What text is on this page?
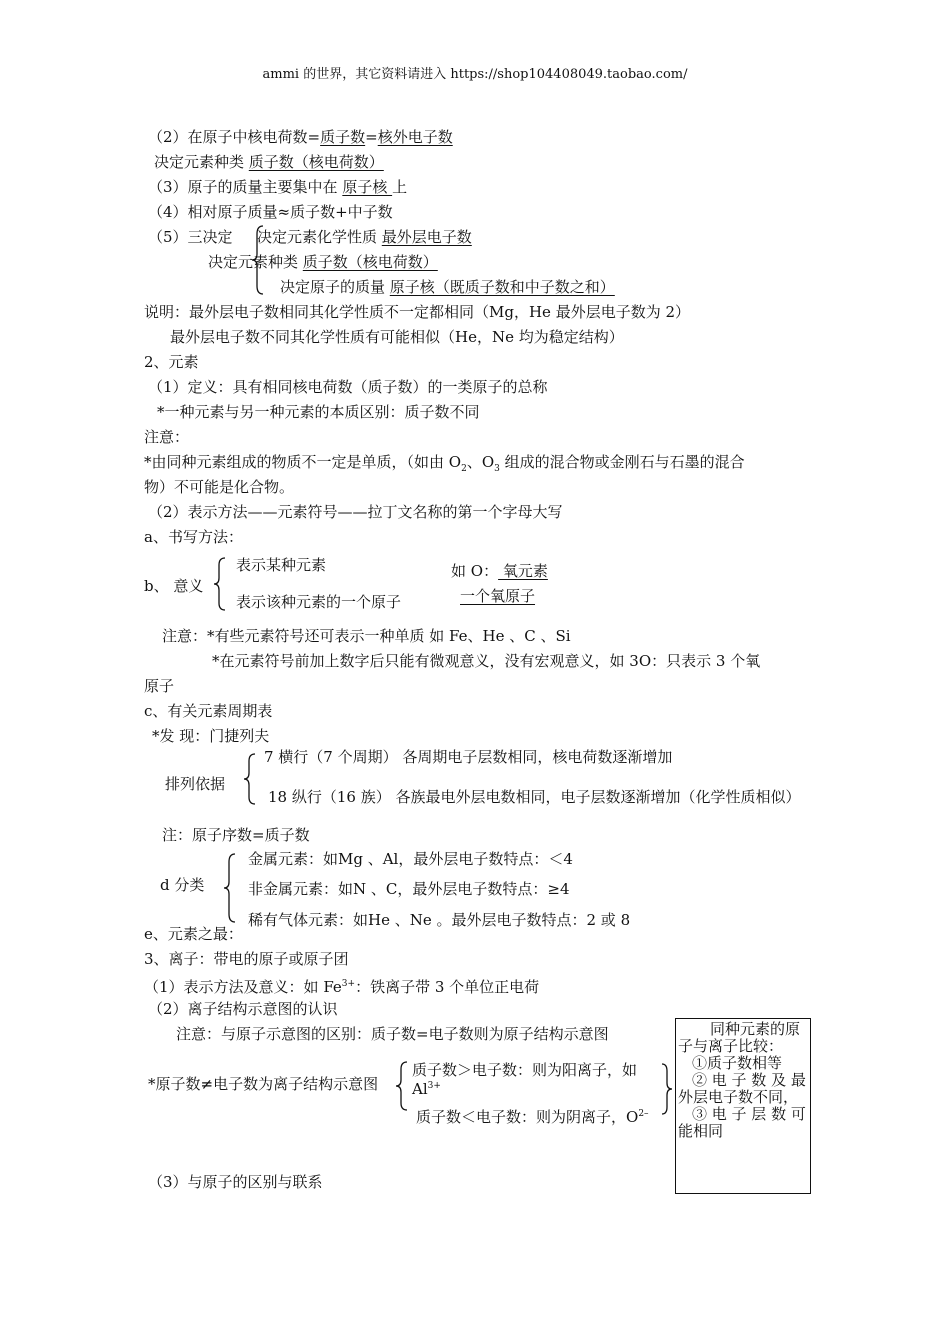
ammi 的世界，其它资料请进入 https://shop104408049.taobao.com/
（2）在原子中核电荷数=质子数=核外电子数
决定元素种类 质子数（核电荷数）
（3）原子的质量主要集中在 原子核 上
（4）相对原子质量≈质子数+中子数
（5）三决定 决定元素化学性质 最外层电子数
决定元素种类 质子数（核电荷数）
决定原子的质量 原子核（既质子数和中子数之和）
说明：最外层电子数相同其化学性质不一定都相同（Mg，He 最外层电子数为 2）
最外层电子数不同其化学性质有可能相似（He，Ne 均为稳定结构）
2、元素
（1）定义：具有相同核电荷数（质子数）的一类原子的总称
*一种元素与另一种元素的本质区别：质子数不同
注意：
*由同种元素组成的物质不一定是单质，（如由 $O_2$、$O_3$ 组成的混合物或金刚石与石墨的混合
物）不可能是化合物。
（2）表示方法——元素符号——拉丁文名称的第一个字母大写
a、书写方法：
表示某种元素
b、 意义
如 O： 氧元素
表示该种元素的一个原子	一个氧原子
注意：*有些元素符号还可表示一种单质 如 Fe、He 、C 、Si
*在元素符号前加上数字后只能有微观意义，没有宏观意义，如 3O：只表示 3 个氧
原子
c、有关元素周期表
*发 现：门捷列夫
7 横行（7 个周期） 各周期电子层数相同，核电荷数逐渐增加
排列依据
18 纵行（16 族） 各族最电外层电数相同，电子层数逐渐增加（化学性质相似）
注：原子序数=质子数
金属元素：如Mg 、Al，最外层电子数特点：＜4
d 分类	非金属元素：如N 、C，最外层电子数特点：≥4
稀有气体元素：如He 、Ne 。最外层电子数特点：2 或 8
e、元素之最：
3、离子：带电的原子或原子团
（1）表示方法及意义：如 $Fe^{3+}$：铁离子带 3 个单位正电荷
（2）离子结构示意图的认识
注意：与原子示意图的区别：质子数=电子数则为原子结构示意图
*原子数≠电子数为离子结构示意图
质子数＞电子数：则为阳离子，如
$Al^{3+}$
质子数＜电子数：则为阴离子，$O^{2-}$
同种元素的原
子与离子比较：
①质子数相等
② 电 子 数 及 最
外层电子数不同，
③ 电 子 层 数 可
能相同
（3）与原子的区别与联系
